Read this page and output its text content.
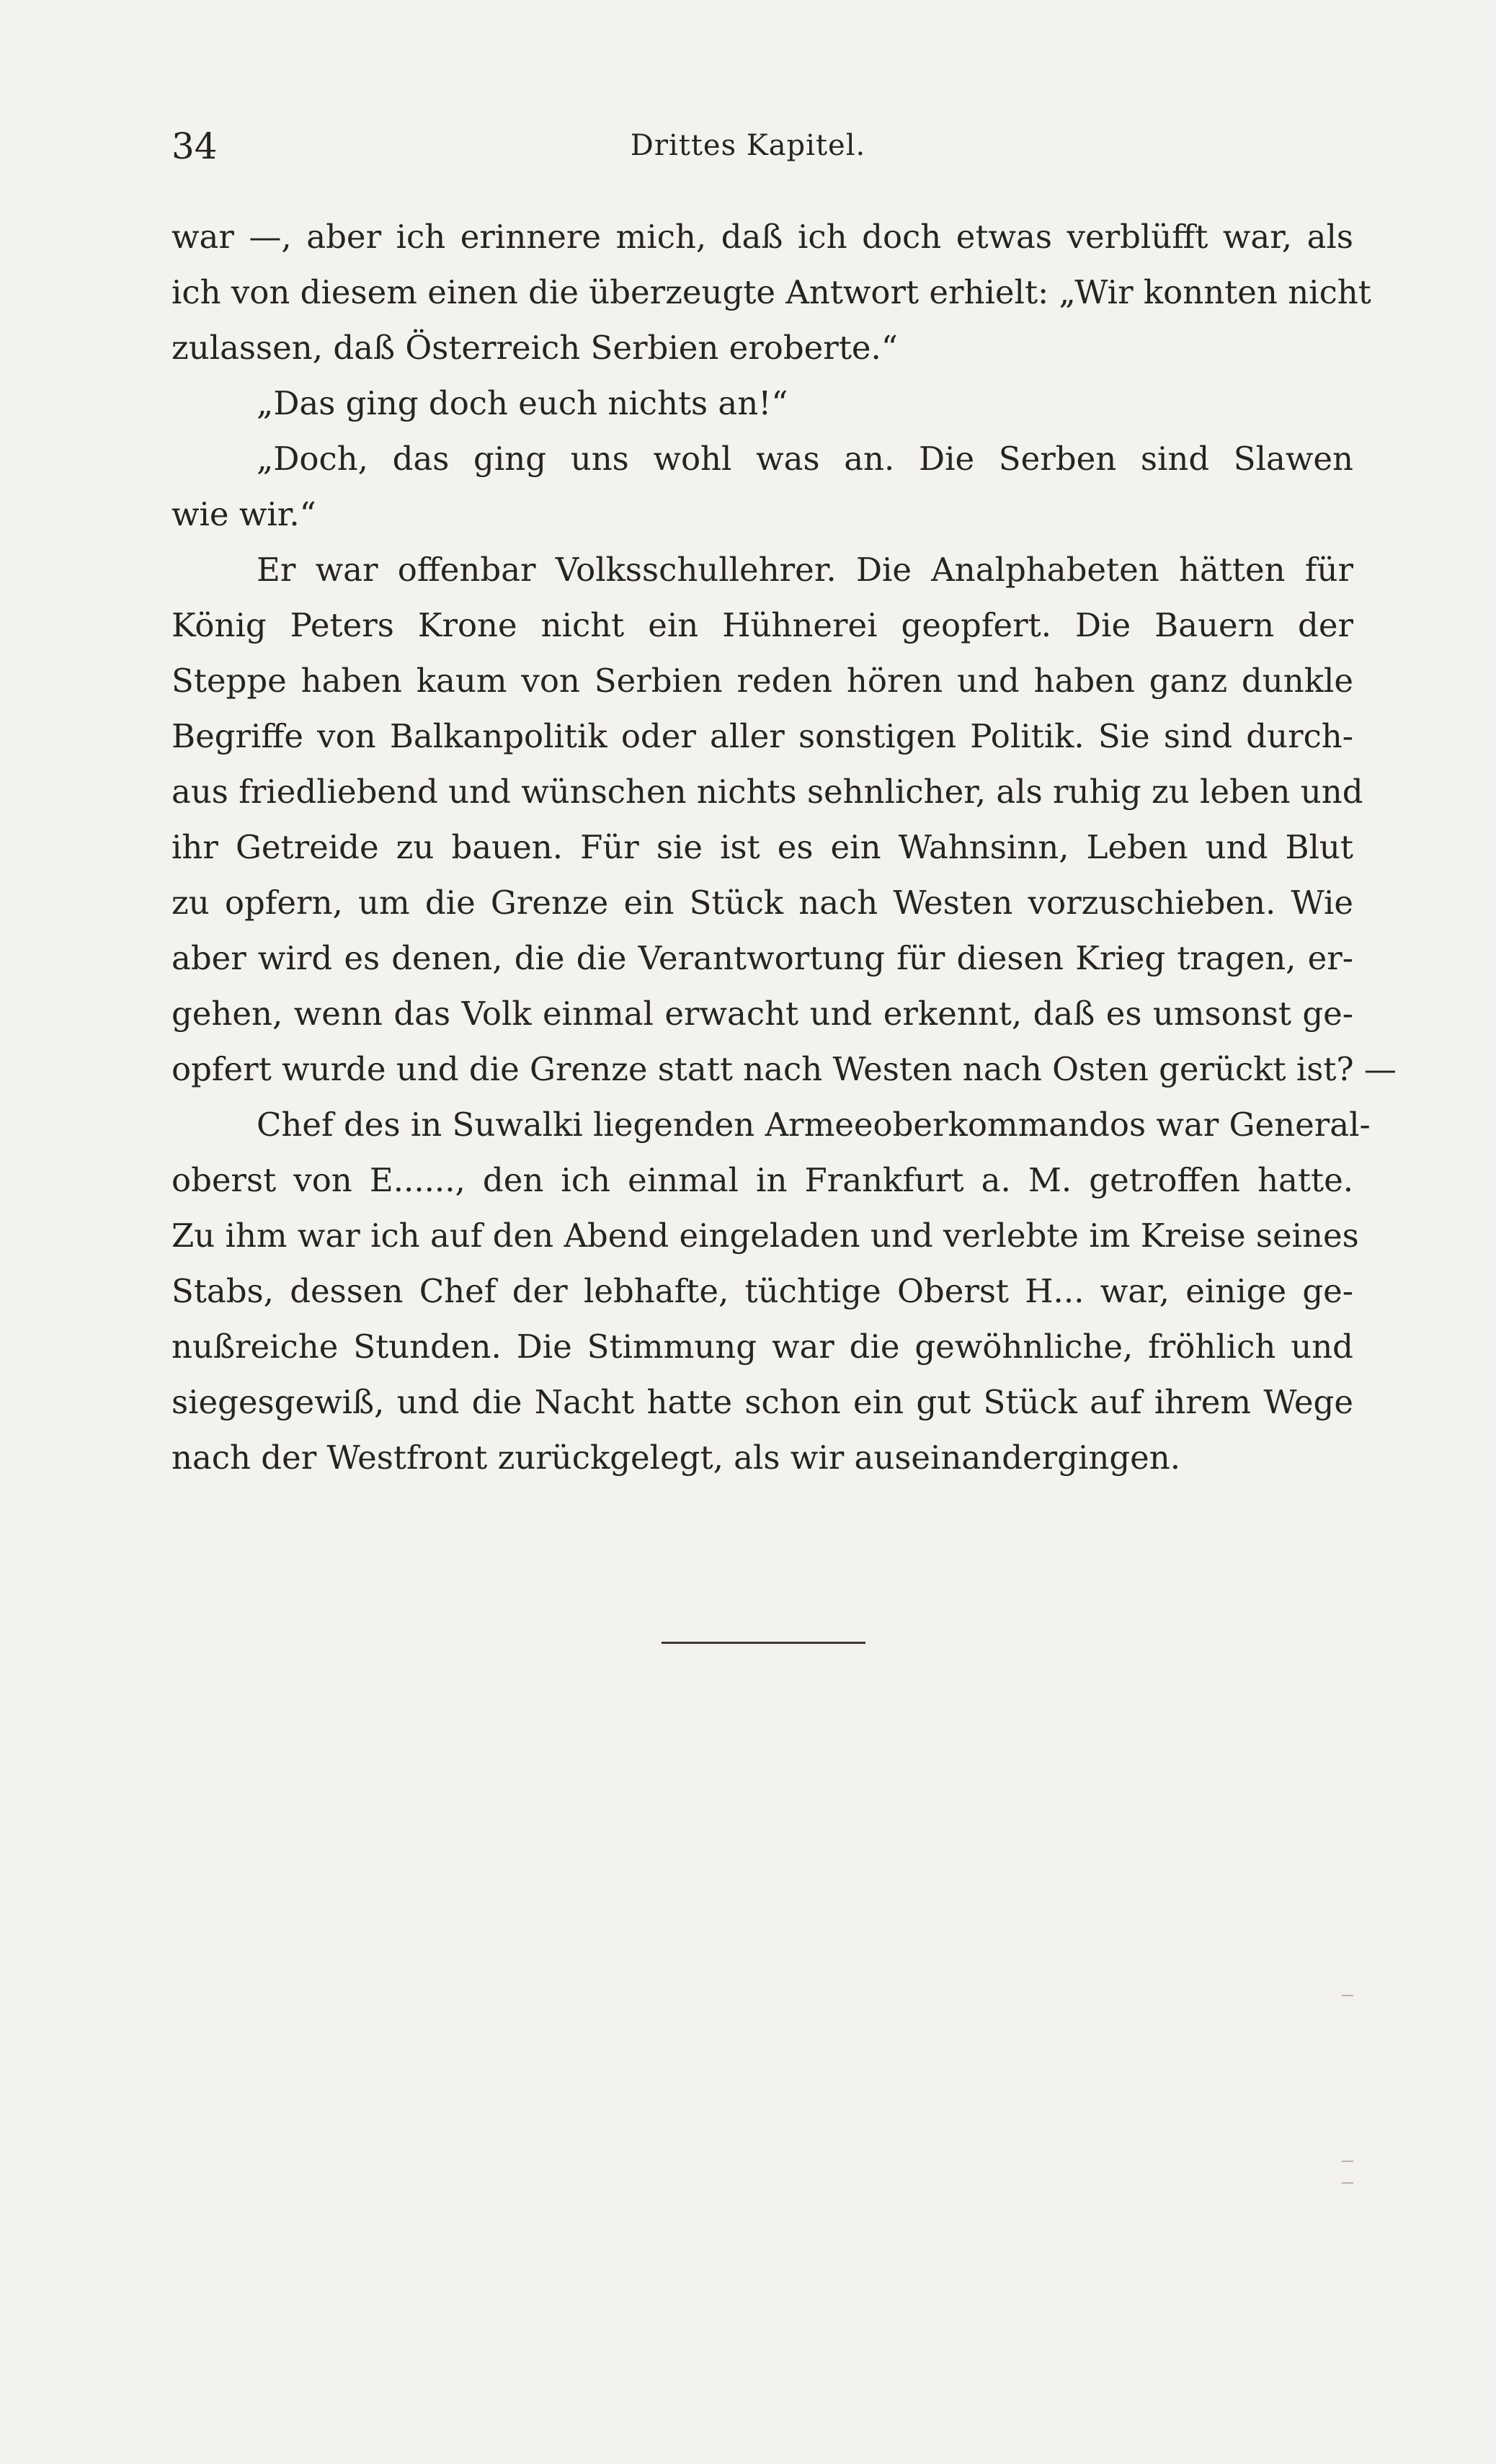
34	Drittes Kapitel.
war —, aber ich erinnere mich, daß ich doch etwas verblüfft war, als
ich von diesem einen die überzeugte Antwort erhielt: „Wir konnten nicht
zulassen, daß Österreich Serbien eroberte.“
„Das ging doch euch nichts an!“
„Doch, das ging uns wohl was an. Die Serben sind Slawen
wie wir.“
Er war offenbar Volksschullehrer. Die Analphabeten hätten für
König Peters Krone nicht ein Hühnerei geopfert. Die Bauern der
Steppe haben kaum von Serbien reden hören und haben ganz dunkle
Begriffe von Balkanpolitik oder aller sonstigen Politik. Sie sind durch-
aus friedliebend und wünschen nichts sehnlicher, als ruhig zu leben und
ihr Getreide zu bauen. Für sie ist es ein Wahnsinn, Leben und Blut
zu opfern, um die Grenze ein Stück nach Westen vorzuschieben. Wie
aber wird es denen, die die Verantwortung für diesen Krieg tragen, er-
gehen, wenn das Volk einmal erwacht und erkennt, daß es umsonst ge-
opfert wurde und die Grenze statt nach Westen nach Osten gerückt ist? —
Chef des in Suwalki liegenden Armeeoberkommandos war General-
oberst von E......, den ich einmal in Frankfurt a. M. getroffen hatte.
Zu ihm war ich auf den Abend eingeladen und verlebte im Kreise seines
Stabs, dessen Chef der lebhafte, tüchtige Oberst H... war, einige ge-
nußreiche Stunden. Die Stimmung war die gewöhnliche, fröhlich und
siegesgewiß, und die Nacht hatte schon ein gut Stück auf ihrem Wege
nach der Westfront zurückgelegt, als wir auseinandergingen.
